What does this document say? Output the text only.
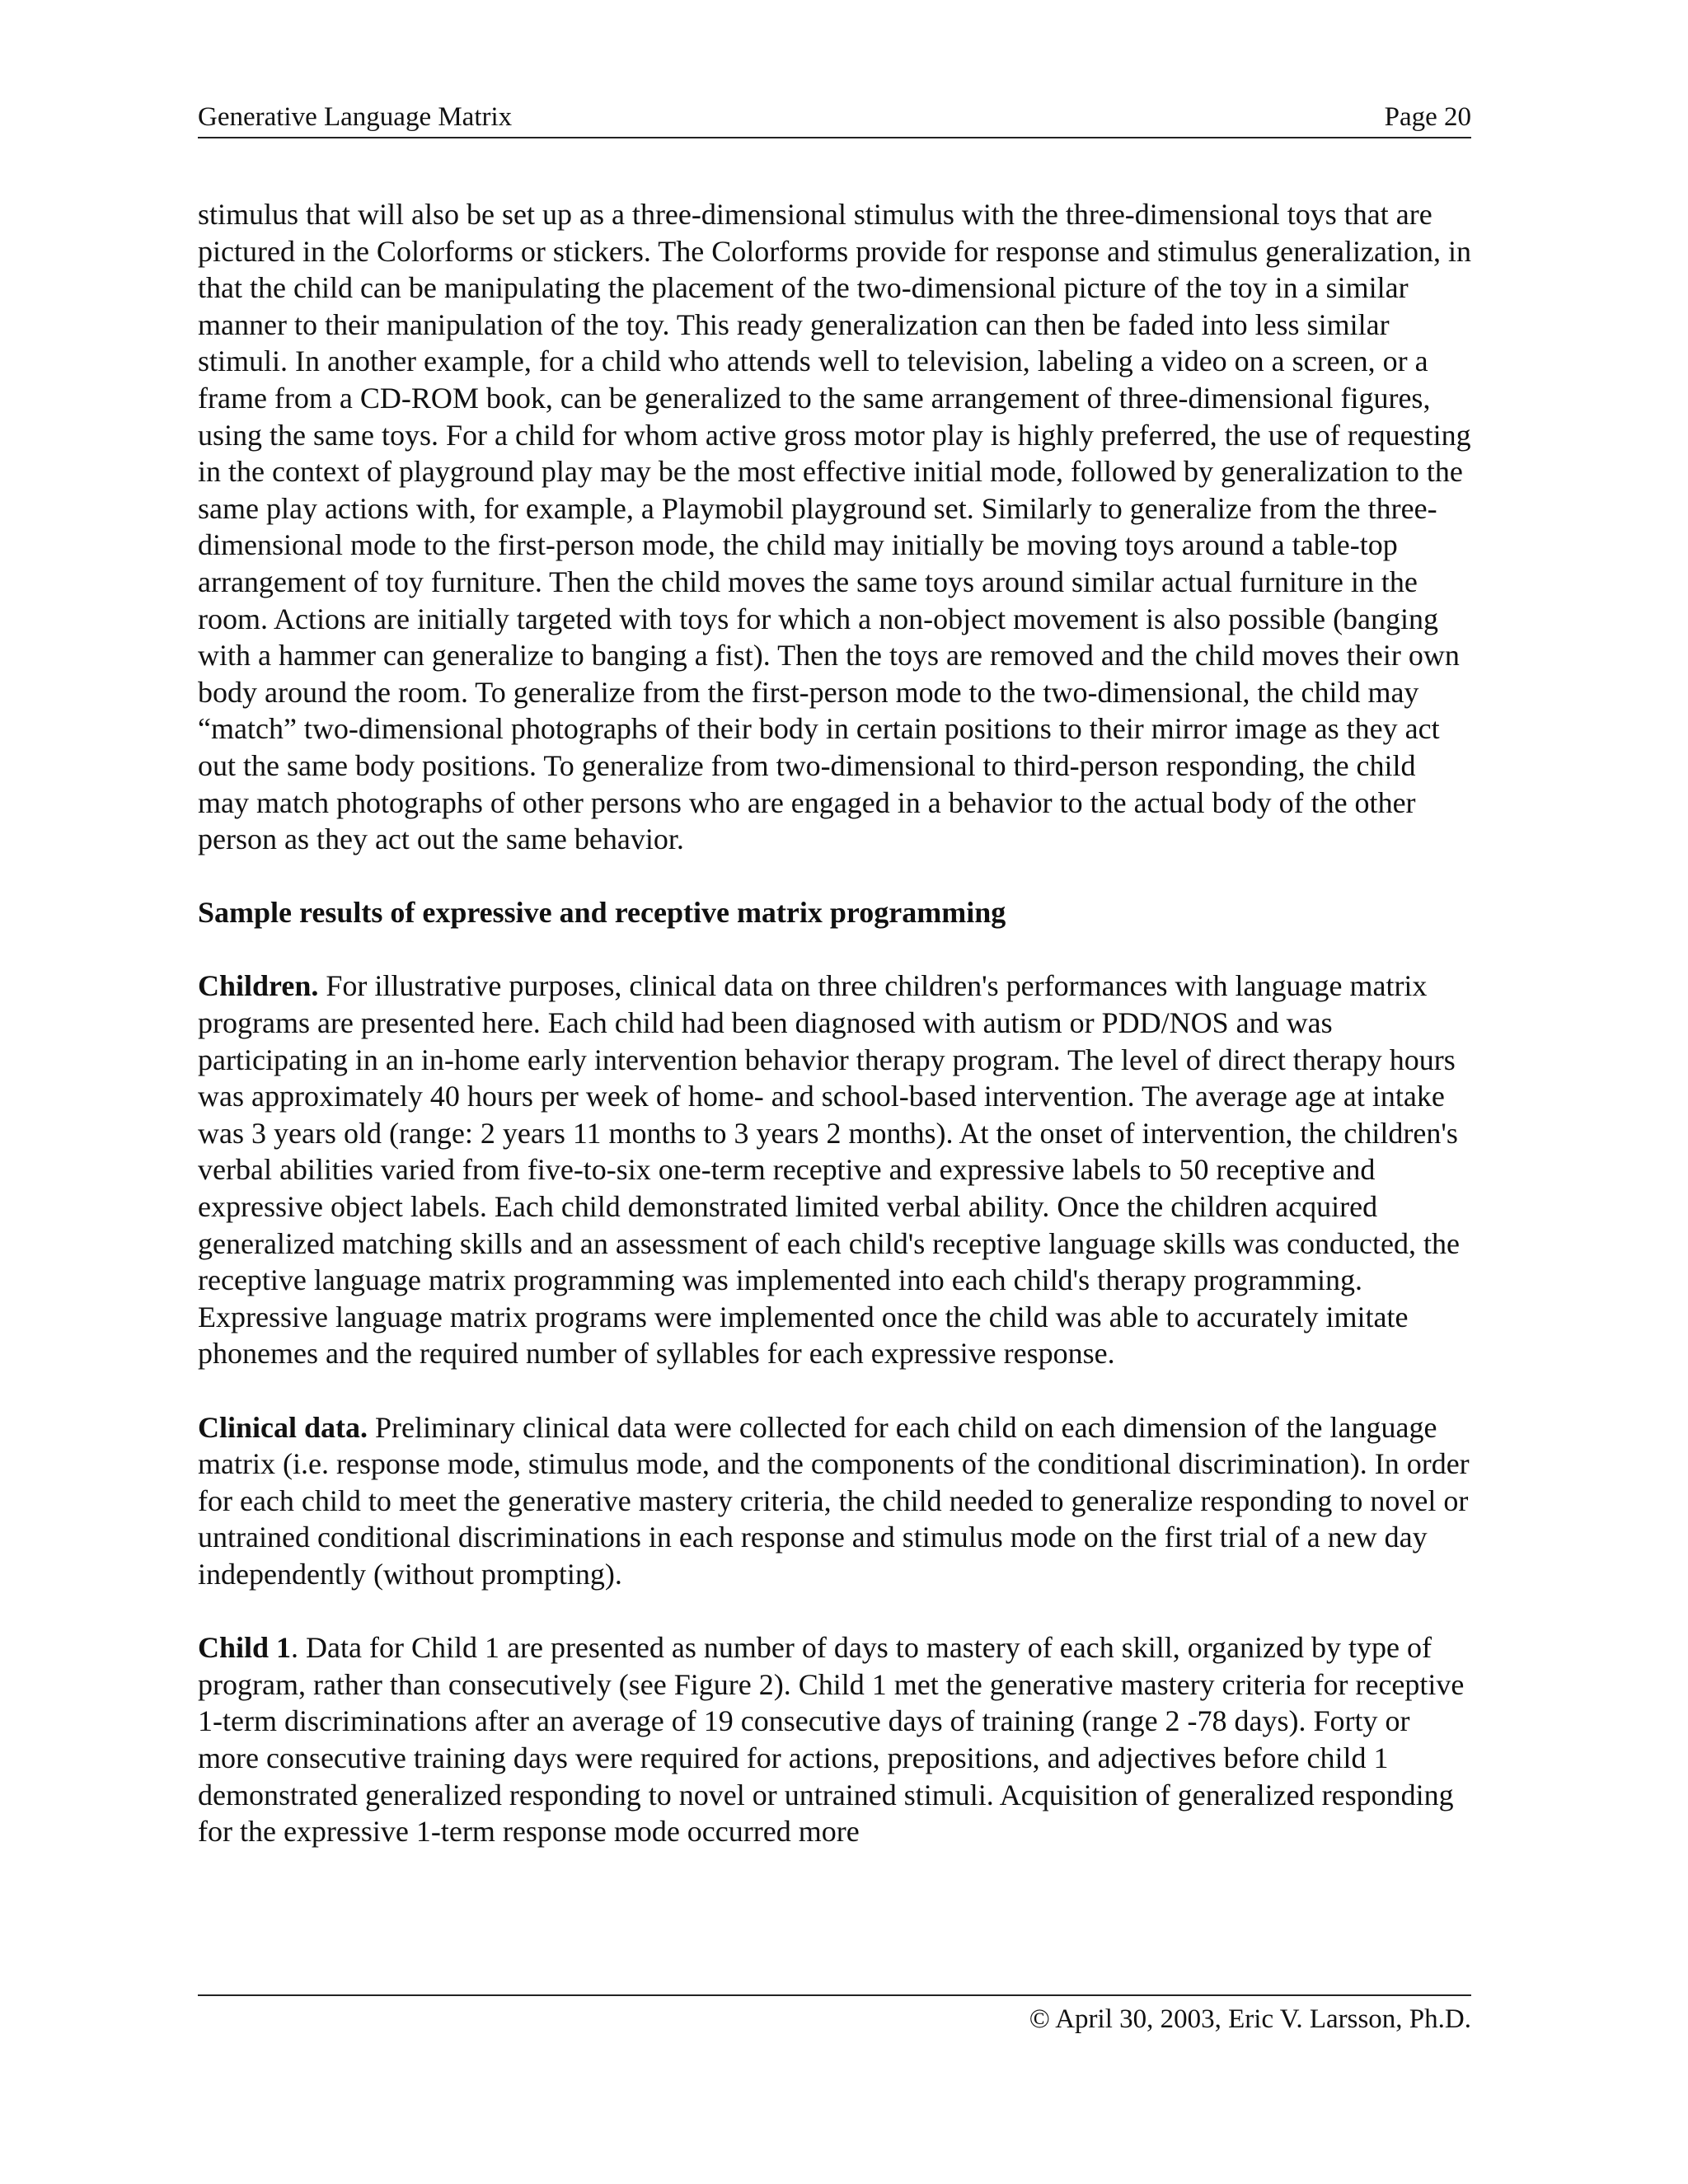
Generative Language Matrix	Page 20

stimulus that will also be set up as a three-dimensional stimulus with the three-dimensional toys that are pictured in the Colorforms or stickers. The Colorforms provide for response and stimulus generalization, in that the child can be manipulating the placement of the two-dimensional picture of the toy in a similar manner to their manipulation of the toy. This ready generalization can then be faded into less similar stimuli. In another example, for a child who attends well to television, labeling a video on a screen, or a frame from a CD-ROM book, can be generalized to the same arrangement of three-dimensional figures, using the same toys. For a child for whom active gross motor play is highly preferred, the use of requesting in the context of playground play may be the most effective initial mode, followed by generalization to the same play actions with, for example, a Playmobil playground set. Similarly to generalize from the three-dimensional mode to the first-person mode, the child may initially be moving toys around a table-top arrangement of toy furniture. Then the child moves the same toys around similar actual furniture in the room. Actions are initially targeted with toys for which a non-object movement is also possible (banging with a hammer can generalize to banging a fist). Then the toys are removed and the child moves their own body around the room. To generalize from the first-person mode to the two-dimensional, the child may “match” two-dimensional photographs of their body in certain positions to their mirror image as they act out the same body positions. To generalize from two-dimensional to third-person responding, the child may match photographs of other persons who are engaged in a behavior to the actual body of the other person as they act out the same behavior.

Sample results of expressive and receptive matrix programming

Children. For illustrative purposes, clinical data on three children's performances with language matrix programs are presented here. Each child had been diagnosed with autism or PDD/NOS and was participating in an in-home early intervention behavior therapy program. The level of direct therapy hours was approximately 40 hours per week of home- and school-based intervention. The average age at intake was 3 years old (range: 2 years 11 months to 3 years 2 months). At the onset of intervention, the children's verbal abilities varied from five-to-six one-term receptive and expressive labels to 50 receptive and expressive object labels. Each child demonstrated limited verbal ability. Once the children acquired generalized matching skills and an assessment of each child's receptive language skills was conducted, the receptive language matrix programming was implemented into each child's therapy programming. Expressive language matrix programs were implemented once the child was able to accurately imitate phonemes and the required number of syllables for each expressive response.

Clinical data. Preliminary clinical data were collected for each child on each dimension of the language matrix (i.e. response mode, stimulus mode, and the components of the conditional discrimination). In order for each child to meet the generative mastery criteria, the child needed to generalize responding to novel or untrained conditional discriminations in each response and stimulus mode on the first trial of a new day independently (without prompting).

Child 1. Data for Child 1 are presented as number of days to mastery of each skill, organized by type of program, rather than consecutively (see Figure 2). Child 1 met the generative mastery criteria for receptive 1-term discriminations after an average of 19 consecutive days of training (range 2 -78 days). Forty or more consecutive training days were required for actions, prepositions, and adjectives before child 1 demonstrated generalized responding to novel or untrained stimuli. Acquisition of generalized responding for the expressive 1-term response mode occurred more

© April 30, 2003, Eric V. Larsson, Ph.D.
